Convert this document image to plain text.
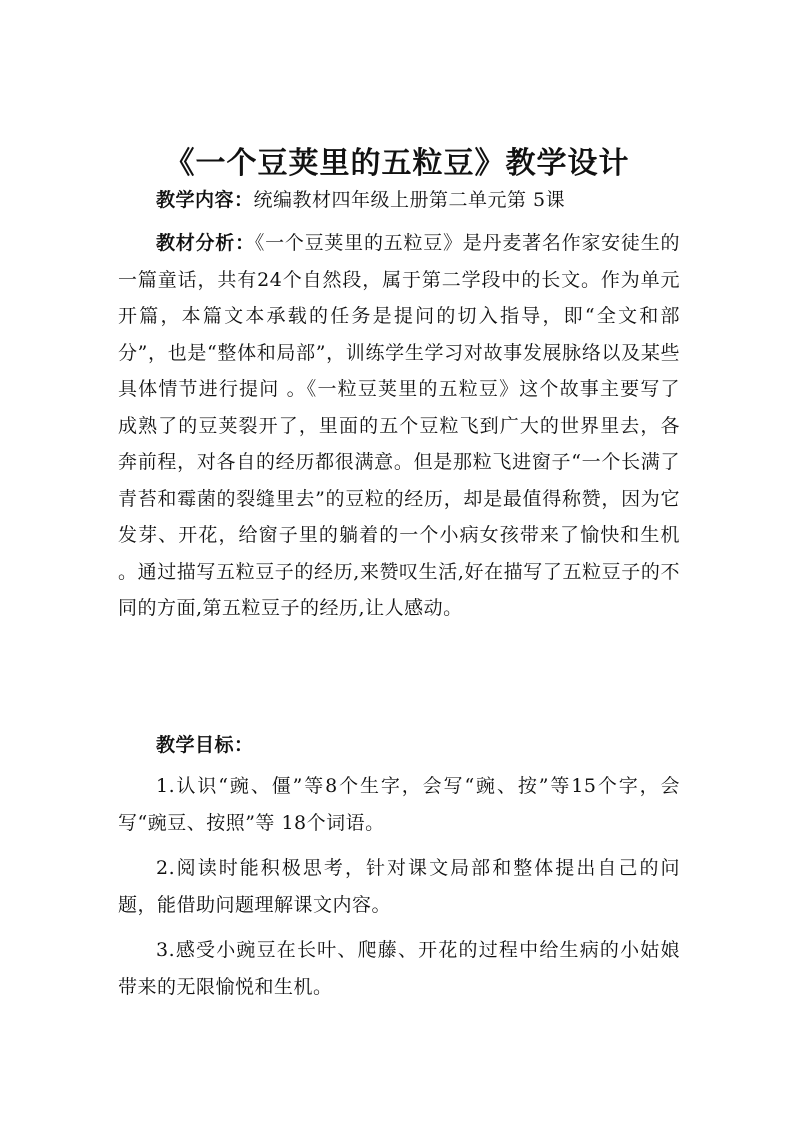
《一个豆荚里的五粒豆》教学设计
教学内容：统编教材四年级上册第二单元第 5课
教材分析：《一个豆荚里的五粒豆》是丹麦著名作家安徒生的一篇童话，共有24个自然段，属于第二学段中的长文。作为单元开篇，本篇文本承载的任务是提问的切入指导，即“全文和部分”，也是“整体和局部”，训练学生学习对故事发展脉络以及某些具体情节进行提问 。《一粒豆荚里的五粒豆》这个故事主要写了成熟了的豆荚裂开了，里面的五个豆粒飞到广大的世界里去，各奔前程，对各自的经历都很满意。但是那粒飞进窗子“一个长满了青苔和霉菌的裂缝里去”的豆粒的经历，却是最值得称赞，因为它发芽、开花，给窗子里的躺着的一个小病女孩带来了愉快和生机 。通过描写五粒豆子的经历,来赞叹生活,好在描写了五粒豆子的不同的方面,第五粒豆子的经历,让人感动。
教学目标：
1.认识“豌、僵”等8个生字，会写“豌、按”等15个字，会写“豌豆、按照”等 18个词语。
2.阅读时能积极思考，针对课文局部和整体提出自己的问题，能借助问题理解课文内容。
3.感受小豌豆在长叶、爬藤、开花的过程中给生病的小姑娘带来的无限愉悦和生机。
